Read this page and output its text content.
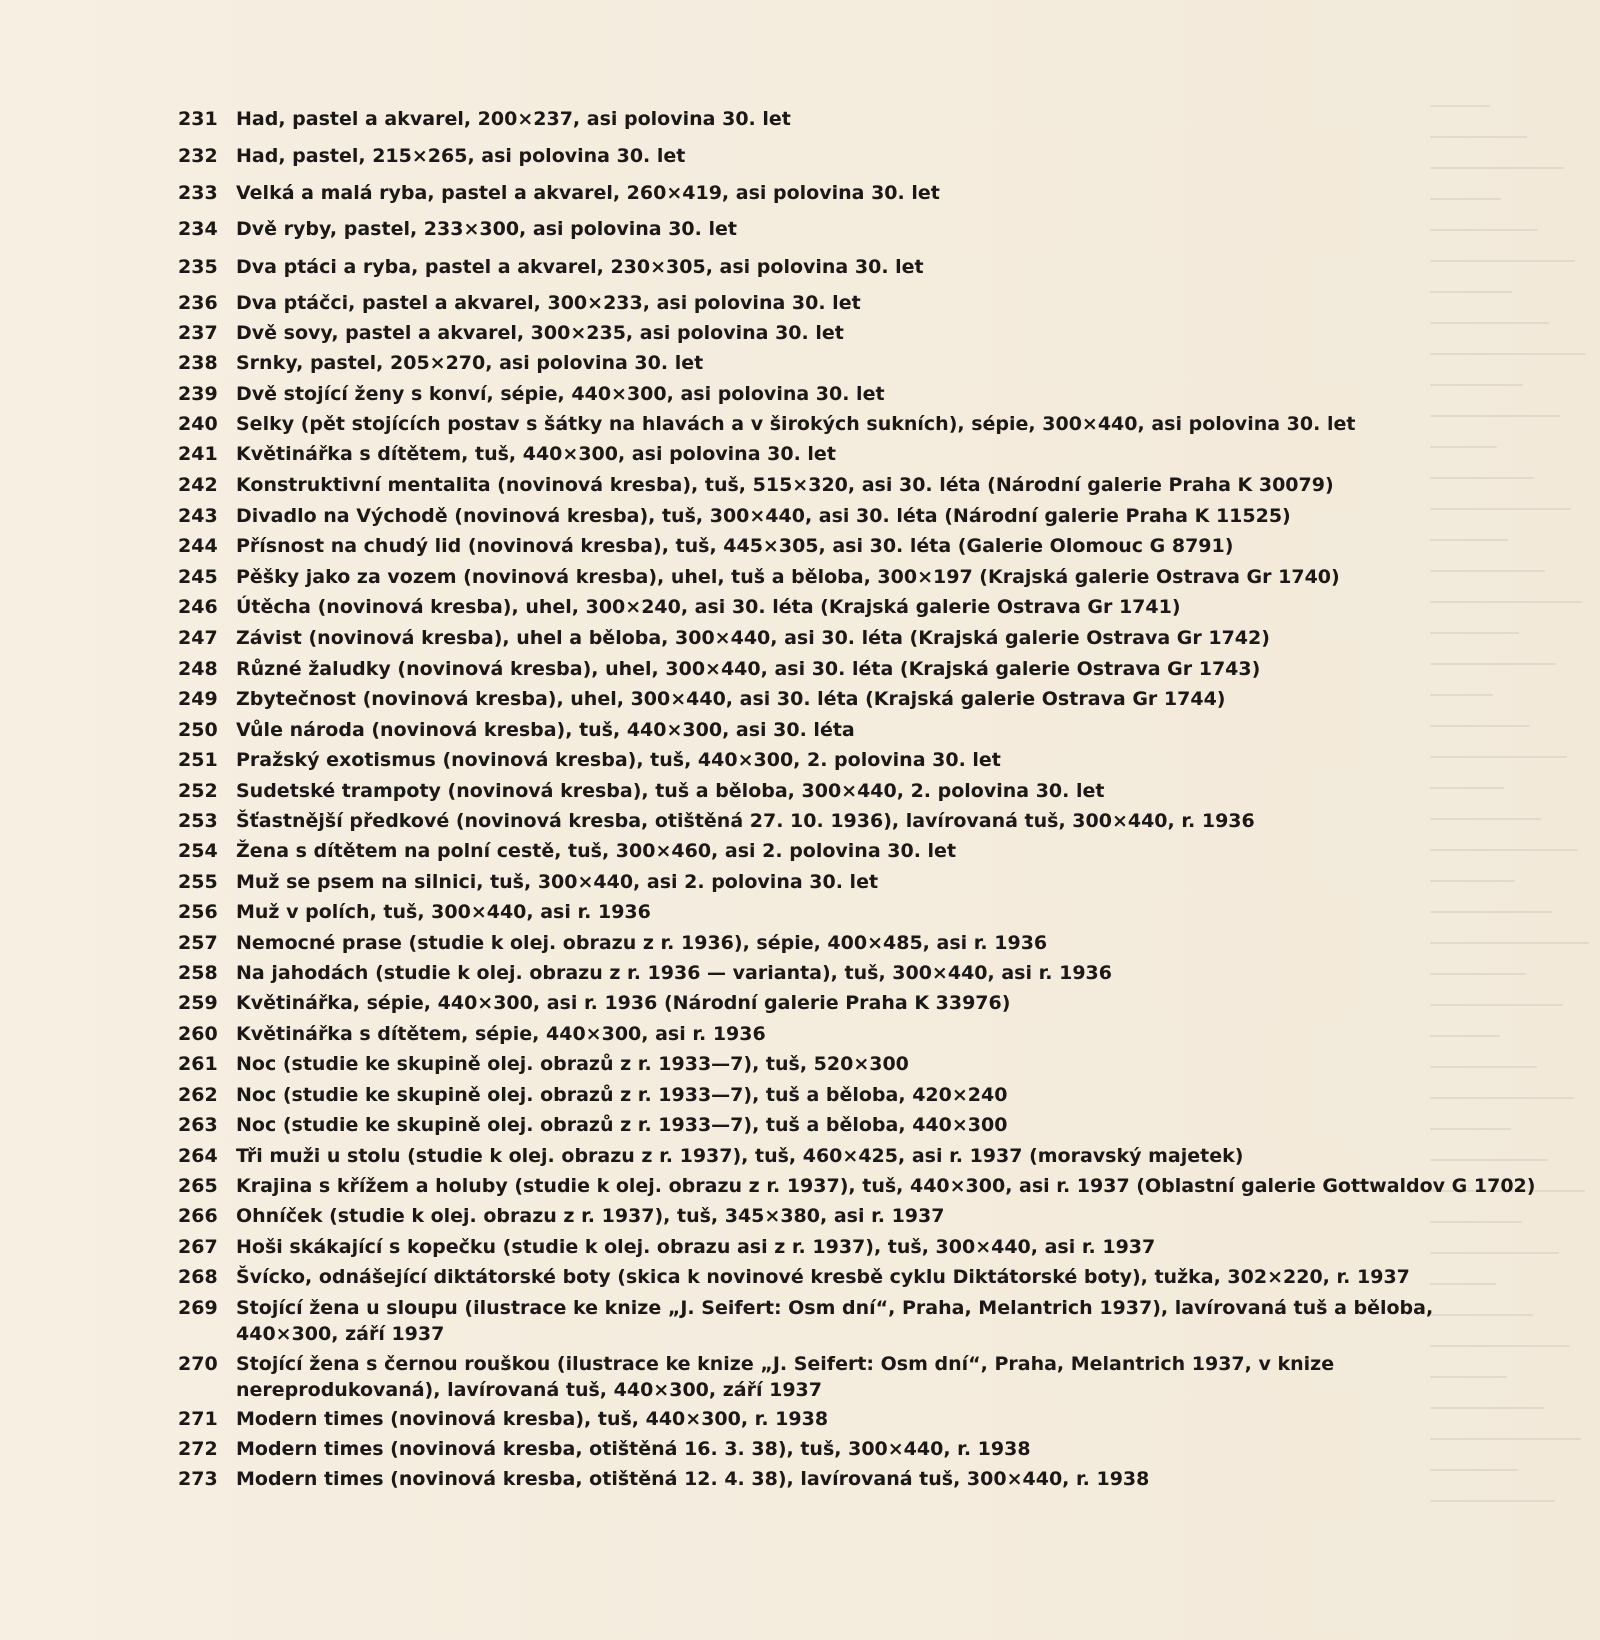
231 Had, pastel a akvarel, 200×237, asi polovina 30. let
232 Had, pastel, 215×265, asi polovina 30. let
233 Velká a malá ryba, pastel a akvarel, 260×419, asi polovina 30. let
234 Dvě ryby, pastel, 233×300, asi polovina 30. let
235 Dva ptáci a ryba, pastel a akvarel, 230×305, asi polovina 30. let
236 Dva ptáčci, pastel a akvarel, 300×233, asi polovina 30. let
237 Dvě sovy, pastel a akvarel, 300×235, asi polovina 30. let
238 Srnky, pastel, 205×270, asi polovina 30. let
239 Dvě stojící ženy s konví, sépie, 440×300, asi polovina 30. let
240 Selky (pět stojících postav s šátky na hlavách a v širokých sukních), sépie, 300×440, asi polovina 30. let
241 Květinářka s dítětem, tuš, 440×300, asi polovina 30. let
242 Konstruktivní mentalita (novinová kresba), tuš, 515×320, asi 30. léta (Národní galerie Praha K 30079)
243 Divadlo na Východě (novinová kresba), tuš, 300×440, asi 30. léta (Národní galerie Praha K 11525)
244 Přísnost na chudý lid (novinová kresba), tuš, 445×305, asi 30. léta (Galerie Olomouc G 8791)
245 Pěšky jako za vozem (novinová kresba), uhel, tuš a běloba, 300×197 (Krajská galerie Ostrava Gr 1740)
246 Útěcha (novinová kresba), uhel, 300×240, asi 30. léta (Krajská galerie Ostrava Gr 1741)
247 Závist (novinová kresba), uhel a běloba, 300×440, asi 30. léta (Krajská galerie Ostrava Gr 1742)
248 Různé žaludky (novinová kresba), uhel, 300×440, asi 30. léta (Krajská galerie Ostrava Gr 1743)
249 Zbytečnost (novinová kresba), uhel, 300×440, asi 30. léta (Krajská galerie Ostrava Gr 1744)
250 Vůle národa (novinová kresba), tuš, 440×300, asi 30. léta
251 Pražský exotismus (novinová kresba), tuš, 440×300, 2. polovina 30. let
252 Sudetské trampoty (novinová kresba), tuš a běloba, 300×440, 2. polovina 30. let
253 Šťastnější předkové (novinová kresba, otištěná 27. 10. 1936), lavírovaná tuš, 300×440, r. 1936
254 Žena s dítětem na polní cestě, tuš, 300×460, asi 2. polovina 30. let
255 Muž se psem na silnici, tuš, 300×440, asi 2. polovina 30. let
256 Muž v polích, tuš, 300×440, asi r. 1936
257 Nemocné prase (studie k olej. obrazu z r. 1936), sépie, 400×485, asi r. 1936
258 Na jahodách (studie k olej. obrazu z r. 1936 — varianta), tuš, 300×440, asi r. 1936
259 Květinářka, sépie, 440×300, asi r. 1936 (Národní galerie Praha K 33976)
260 Květinářka s dítětem, sépie, 440×300, asi r. 1936
261 Noc (studie ke skupině olej. obrazů z r. 1933—7), tuš, 520×300
262 Noc (studie ke skupině olej. obrazů z r. 1933—7), tuš a běloba, 420×240
263 Noc (studie ke skupině olej. obrazů z r. 1933—7), tuš a běloba, 440×300
264 Tři muži u stolu (studie k olej. obrazu z r. 1937), tuš, 460×425, asi r. 1937 (moravský majetek)
265 Krajina s křížem a holuby (studie k olej. obrazu z r. 1937), tuš, 440×300, asi r. 1937 (Oblastní galerie Gottwaldov G 1702)
266 Ohníček (studie k olej. obrazu z r. 1937), tuš, 345×380, asi r. 1937
267 Hoši skákající s kopečku (studie k olej. obrazu asi z r. 1937), tuš, 300×440, asi r. 1937
268 Švícko, odnášející diktátorské boty (skica k novinové kresbě cyklu Diktátorské boty), tužka, 302×220, r. 1937
269 Stojící žena u sloupu (ilustrace ke knize „J. Seifert: Osm dní“, Praha, Melantrich 1937), lavírovaná tuš a běloba, 440×300, září 1937
270 Stojící žena s černou rouškou (ilustrace ke knize „J. Seifert: Osm dní“, Praha, Melantrich 1937, v knize nereprodukovaná), lavírovaná tuš, 440×300, září 1937
271 Modern times (novinová kresba), tuš, 440×300, r. 1938
272 Modern times (novinová kresba, otištěná 16. 3. 38), tuš, 300×440, r. 1938
273 Modern times (novinová kresba, otištěná 12. 4. 38), lavírovaná tuš, 300×440, r. 1938
